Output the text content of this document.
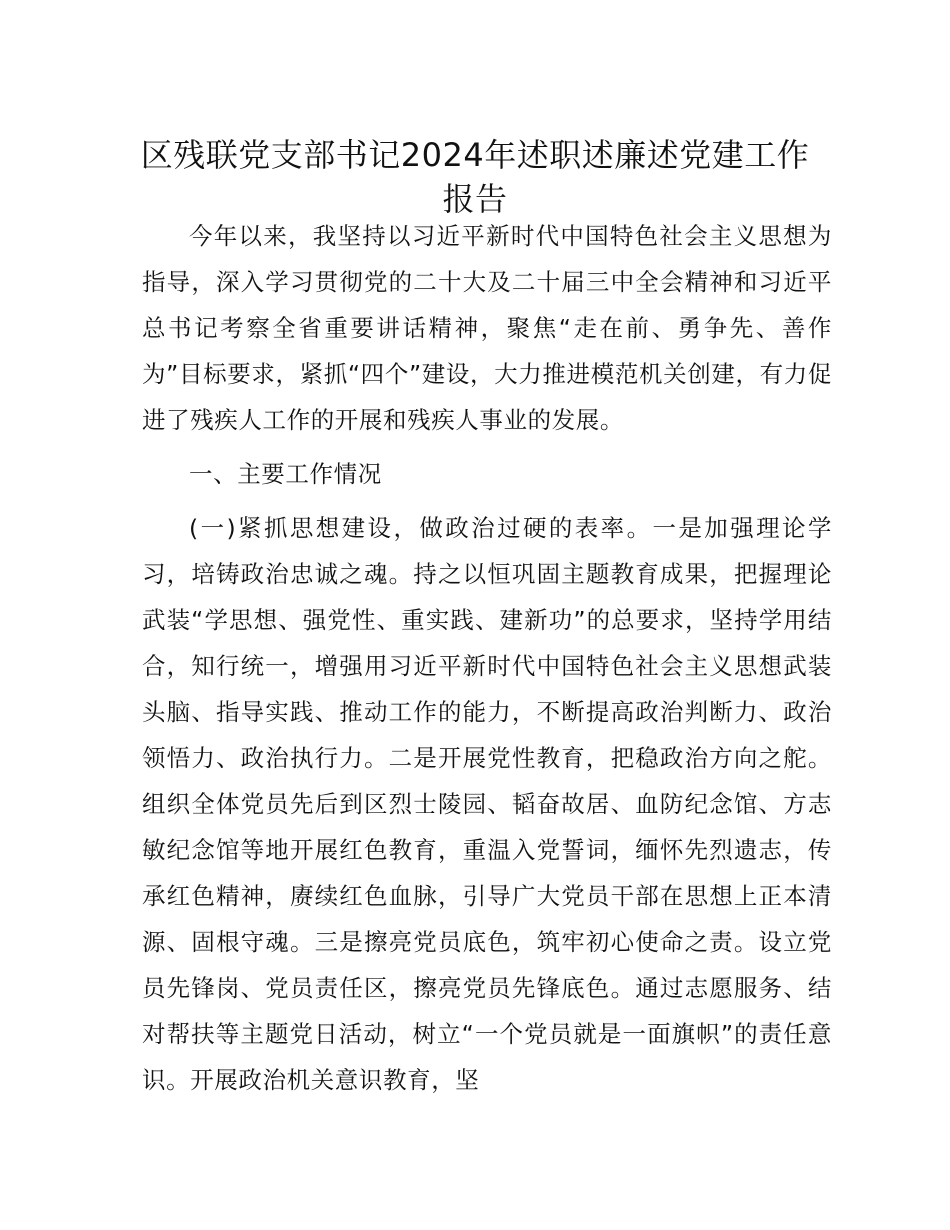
区残联党支部书记2024年述职述廉述党建工作报告

今年以来，我坚持以习近平新时代中国特色社会主义思想为指导，深入学习贯彻党的二十大及二十届三中全会精神和习近平总书记考察全省重要讲话精神，聚焦“走在前、勇争先、善作为”目标要求，紧抓“四个”建设，大力推进模范机关创建，有力促进了残疾人工作的开展和残疾人事业的发展。

一、主要工作情况

(一)紧抓思想建设，做政治过硬的表率。一是加强理论学习，培铸政治忠诚之魂。持之以恒巩固主题教育成果，把握理论武装“学思想、强党性、重实践、建新功”的总要求，坚持学用结合，知行统一，增强用习近平新时代中国特色社会主义思想武装头脑、指导实践、推动工作的能力，不断提高政治判断力、政治领悟力、政治执行力。二是开展党性教育，把稳政治方向之舵。组织全体党员先后到区烈士陵园、韬奋故居、血防纪念馆、方志敏纪念馆等地开展红色教育，重温入党誓词，缅怀先烈遗志，传承红色精神，赓续红色血脉，引导广大党员干部在思想上正本清源、固根守魂。三是擦亮党员底色，筑牢初心使命之责。设立党员先锋岗、党员责任区，擦亮党员先锋底色。通过志愿服务、结对帮扶等主题党日活动，树立“一个党员就是一面旗帜”的责任意识。开展政治机关意识教育，坚
